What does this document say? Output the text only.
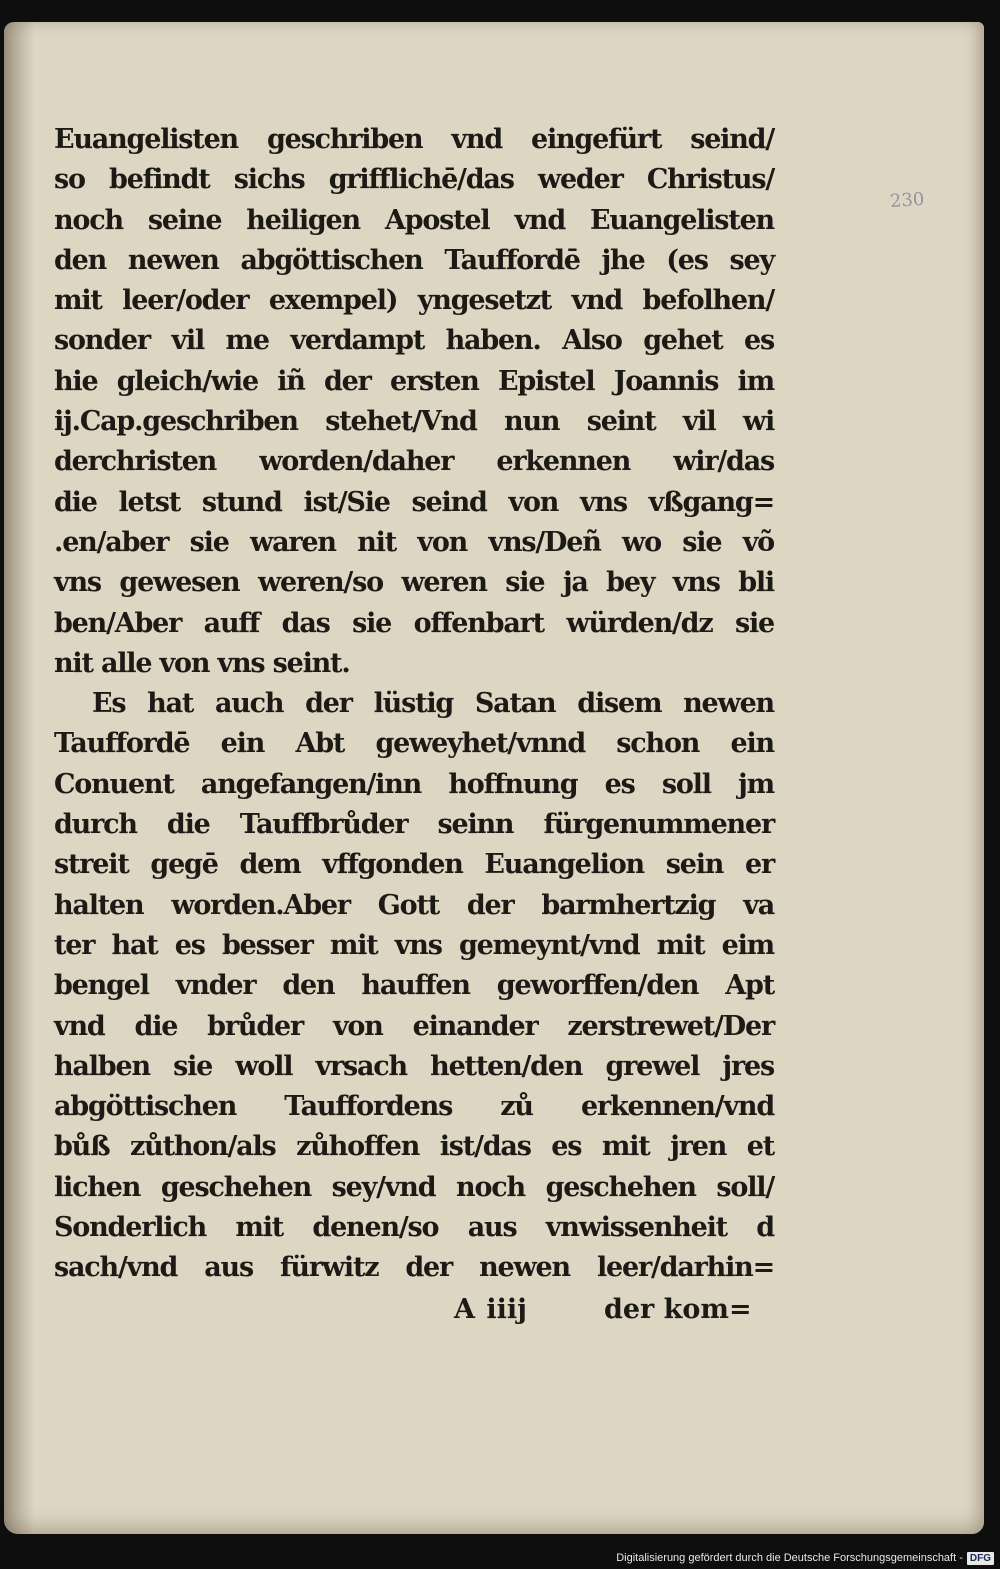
230
Euangelisten geschriben vnd eingefürt seind/
so befindt sichs grifflichē/das weder Christus/
noch seine heiligen Apostel vnd Euangelisten
den newen abgöttischen Tauffordē jhe (es sey
mit leer/oder exempel) yngesetzt vnd befolhen/
sonder vil me verdampt haben. Also gehet es
hie gleich/wie iñ der ersten Epistel Joannis im
ij.Cap.geschriben stehet/Vnd nun seint vil wi
derchristen worden/daher erkennen wir/das
die letst stund ist/Sie seind von vns vßgang=
.en/aber sie waren nit von vns/Deñ wo sie võ
vns gewesen weren/so weren sie ja bey vns bli
ben/Aber auff das sie offenbart würden/dz sie
nit alle von vns seint.
Es hat auch der lüstig Satan disem newen
Tauffordē ein Abt geweyhet/vnnd schon ein
Conuent angefangen/inn hoffnung es soll jm
durch die Tauffbrůder seinn fürgenummener
streit gegē dem vffgonden Euangelion sein er
halten worden.Aber Gott der barmhertzig va
ter hat es besser mit vns gemeynt/vnd mit eim
bengel vnder den hauffen geworffen/den Apt
vnd die brůder von einander zerstrewet/Der
halben sie woll vrsach hetten/den grewel jres
abgöttischen Tauffordens zů erkennen/vnd
bůß zůthon/als zůhoffen ist/das es mit jren et
lichen geschehen sey/vnd noch geschehen soll/
Sonderlich mit denen/so aus vnwissenheit d
sach/vnd aus fürwitz der newen leer/darhin=
A iiij	der kom=
Digitalisierung gefördert durch die Deutsche Forschungsgemeinschaft - DFG
